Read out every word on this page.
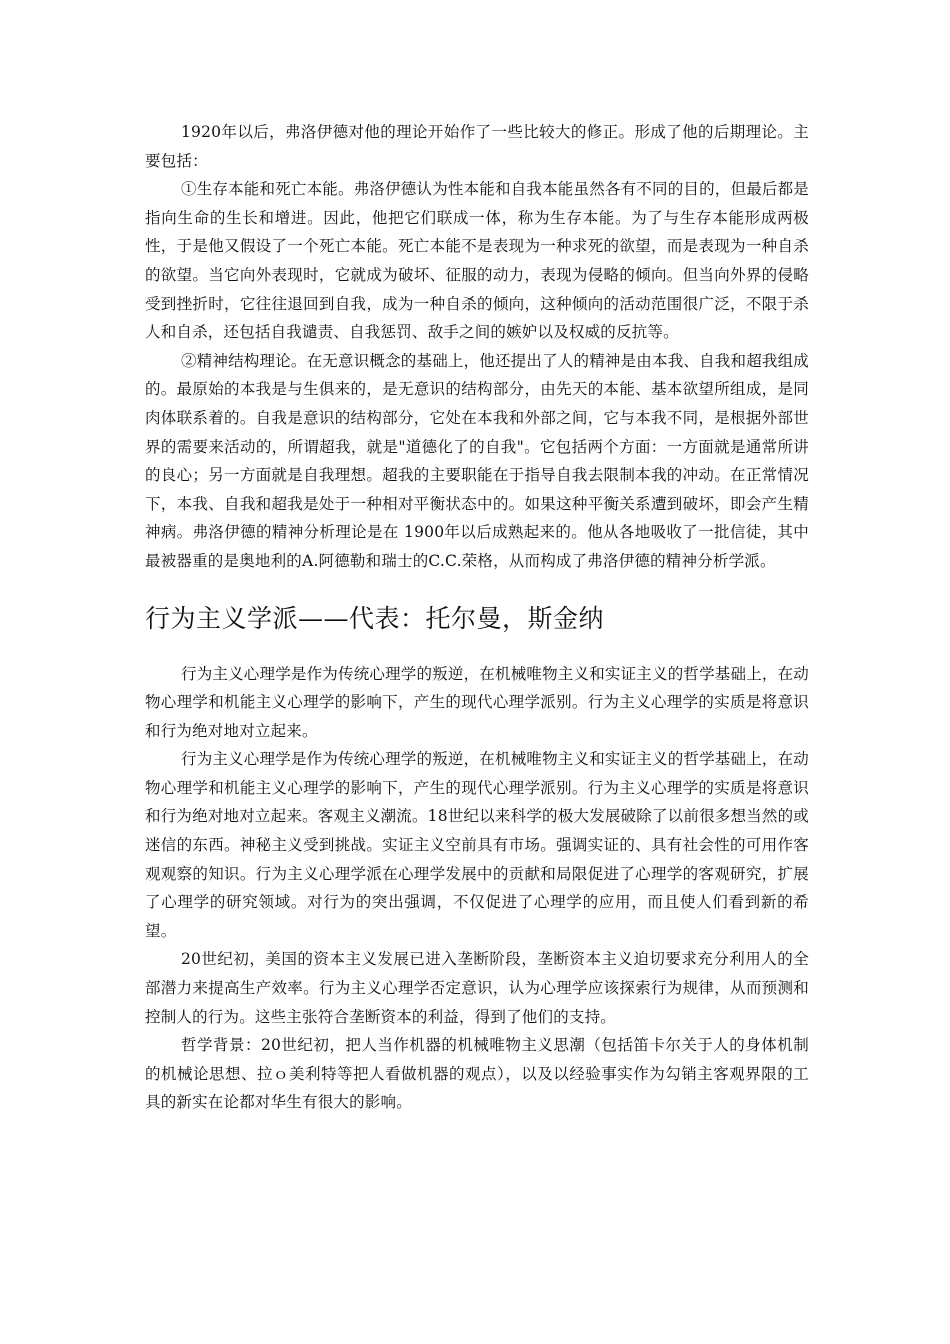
1920年以后，弗洛伊德对他的理论开始作了一些比较大的修正。形成了他的后期理论。主要包括：

①生存本能和死亡本能。弗洛伊德认为性本能和自我本能虽然各有不同的目的，但最后都是指向生命的生长和增进。因此，他把它们联成一体，称为生存本能。为了与生存本能形成两极性，于是他又假设了一个死亡本能。死亡本能不是表现为一种求死的欲望，而是表现为一种自杀的欲望。当它向外表现时，它就成为破坏、征服的动力，表现为侵略的倾向。但当向外界的侵略受到挫折时，它往往退回到自我，成为一种自杀的倾向，这种倾向的活动范围很广泛，不限于杀人和自杀，还包括自我谴责、自我惩罚、敌手之间的嫉妒以及权威的反抗等。

②精神结构理论。在无意识概念的基础上，他还提出了人的精神是由本我、自我和超我组成的。最原始的本我是与生俱来的，是无意识的结构部分，由先天的本能、基本欲望所组成，是同肉体联系着的。自我是意识的结构部分，它处在本我和外部之间，它与本我不同，是根据外部世界的需要来活动的，所谓超我，就是"道德化了的自我"。它包括两个方面：一方面就是通常所讲的良心；另一方面就是自我理想。超我的主要职能在于指导自我去限制本我的冲动。在正常情况下，本我、自我和超我是处于一种相对平衡状态中的。如果这种平衡关系遭到破坏，即会产生精神病。弗洛伊德的精神分析理论是在 1900年以后成熟起来的。他从各地吸收了一批信徒，其中最被器重的是奥地利的A.阿德勒和瑞士的C.C.荣格，从而构成了弗洛伊德的精神分析学派。

行为主义学派——代表：托尔曼，斯金纳

行为主义心理学是作为传统心理学的叛逆，在机械唯物主义和实证主义的哲学基础上，在动物心理学和机能主义心理学的影响下，产生的现代心理学派别。行为主义心理学的实质是将意识和行为绝对地对立起来。

行为主义心理学是作为传统心理学的叛逆，在机械唯物主义和实证主义的哲学基础上，在动物心理学和机能主义心理学的影响下，产生的现代心理学派别。行为主义心理学的实质是将意识和行为绝对地对立起来。客观主义潮流。18世纪以来科学的极大发展破除了以前很多想当然的或迷信的东西。神秘主义受到挑战。实证主义空前具有市场。强调实证的、具有社会性的可用作客观观察的知识。行为主义心理学派在心理学发展中的贡献和局限促进了心理学的客观研究，扩展了心理学的研究领域。对行为的突出强调，不仅促进了心理学的应用，而且使人们看到新的希望。

20世纪初，美国的资本主义发展已进入垄断阶段，垄断资本主义迫切要求充分利用人的全部潜力来提高生产效率。行为主义心理学否定意识，认为心理学应该探索行为规律，从而预测和控制人的行为。这些主张符合垄断资本的利益，得到了他们的支持。

哲学背景：20世纪初，把人当作机器的机械唯物主义思潮（包括笛卡尔关于人的身体机制的机械论思想、拉ｏ美利特等把人看做机器的观点），以及以经验事实作为勾销主客观界限的工具的新实在论都对华生有很大的影响。
